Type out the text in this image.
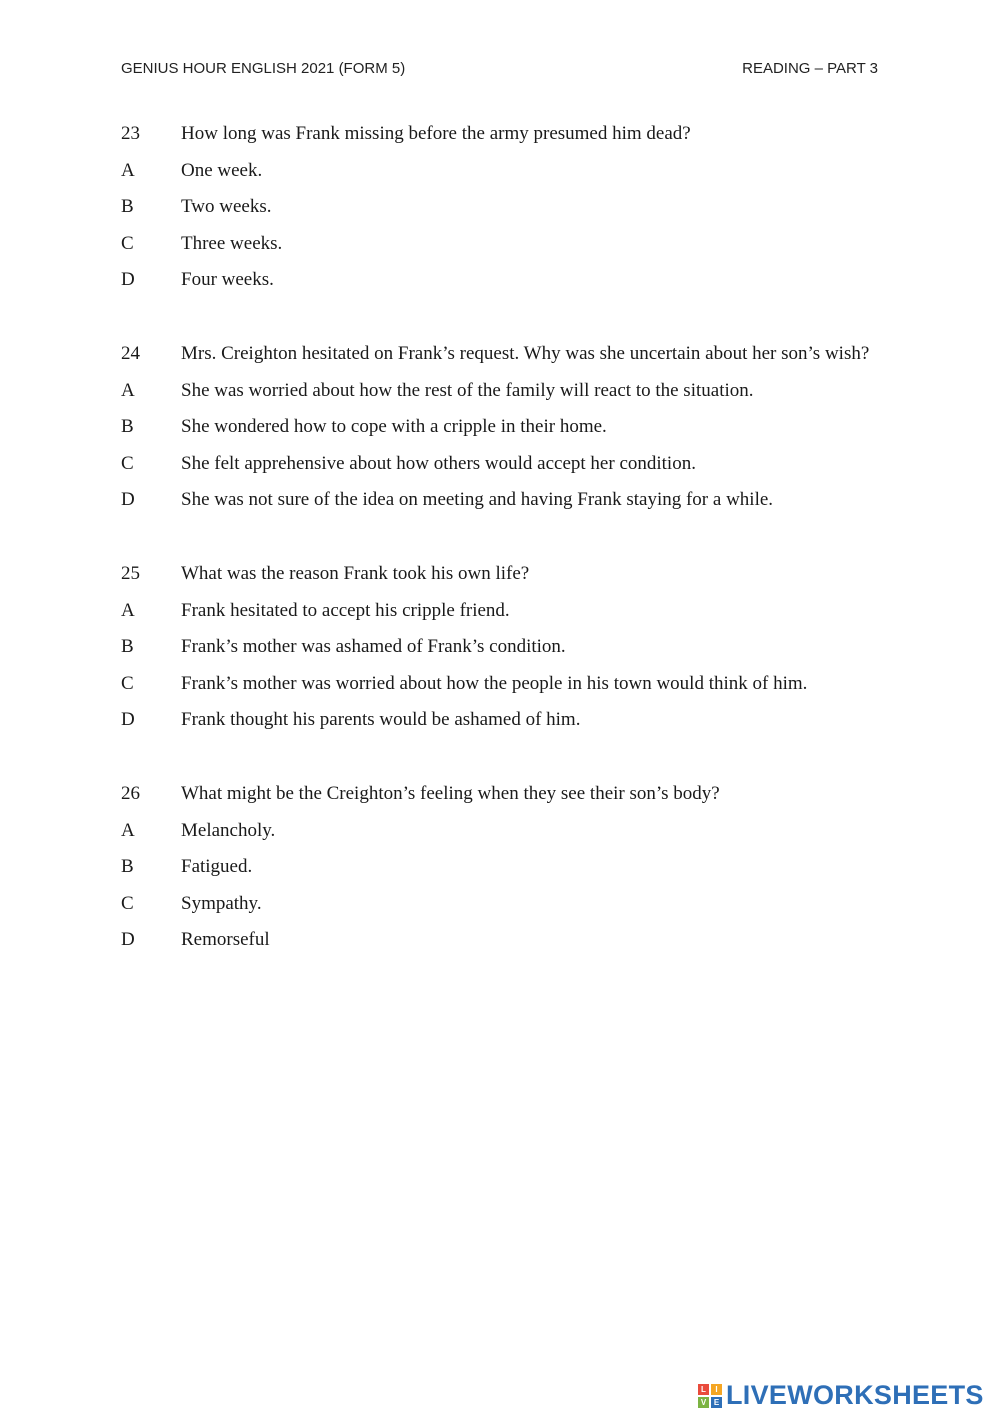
GENIUS HOUR ENGLISH 2021 (FORM 5)	READING – PART 3
23	How long was Frank missing before the army presumed him dead?
A	One week.
B	Two weeks.
C	Three weeks.
D	Four weeks.
24	Mrs. Creighton hesitated on Frank’s request. Why was she uncertain about her son’s wish?
A	She was worried about how the rest of the family will react to the situation.
B	She wondered how to cope with a cripple in their home.
C	She felt apprehensive about how others would accept her condition.
D	She was not sure of the idea on meeting and having Frank staying for a while.
25	What was the reason Frank took his own life?
A	Frank hesitated to accept his cripple friend.
B	Frank’s mother was ashamed of Frank’s condition.
C	Frank’s mother was worried about how the people in his town would think of him.
D	Frank thought his parents would be ashamed of him.
26	What might be the Creighton’s feeling when they see their son’s body?
A	Melancholy.
B	Fatigued.
C	Sympathy.
D	Remorseful
L	I
V E LIVEWORKSHEETS
